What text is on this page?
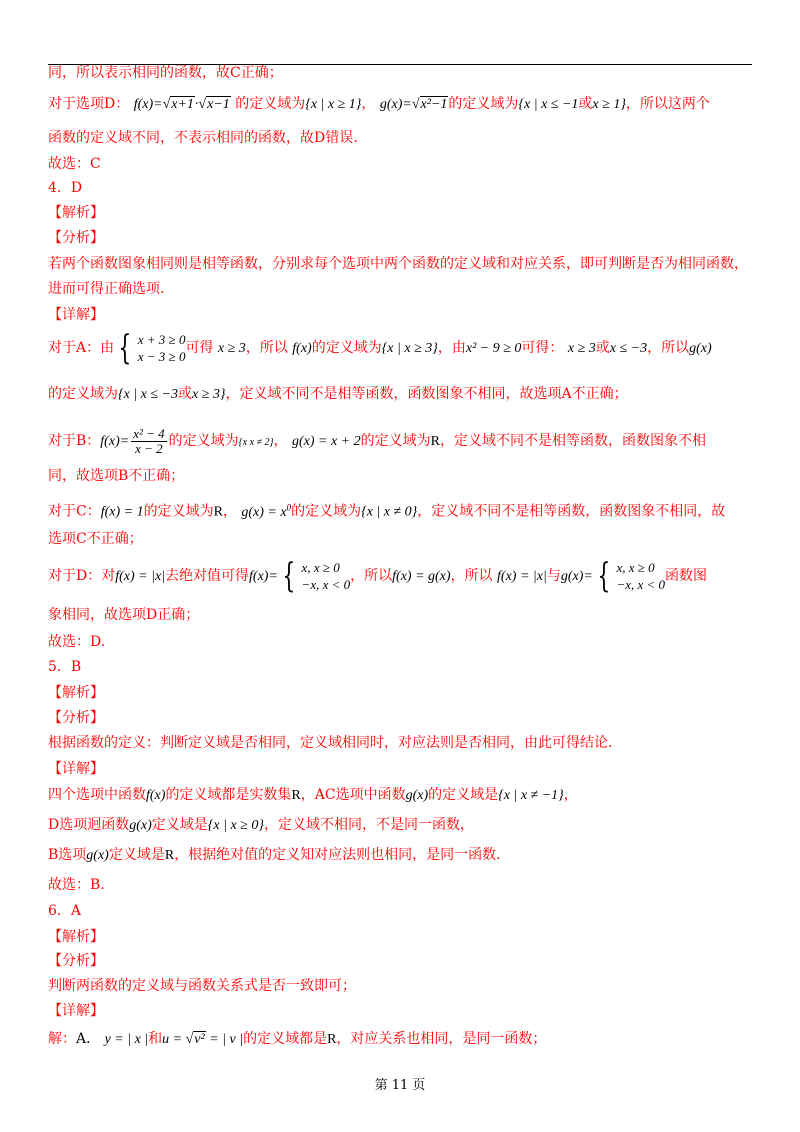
同，所以表示相同的函数，故C正确；
对于选项D： f(x)=√x+1·√x−1 的定义域为{x | x ≥ 1}， g(x)=√x²−1的定义域为{x | x ≤ −1或x ≥ 1}，所以这两个
函数的定义域不同，不表示相同的函数，故D错误.
故选：C
4．D
【解析】
【分析】
若两个函数图象相同则是相等函数，分别求每个选项中两个函数的定义域和对应关系，即可判断是否为相同函数，
进而可得正确选项.
【详解】
对于A：由 { x + 3 ≥ 0
x − 3 ≥ 0
可得 x ≥ 3，所以 f(x)的定义域为{x | x ≥ 3}，由x² − 9 ≥ 0可得： x ≥ 3或x ≤ −3，所以g(x)
的定义域为{x | x ≤ −3或x ≥ 3}，定义域不同不是相等函数，函数图象不相同，故选项A不正确；
对于B：$f(x)= \frac{\text{x² − 4}}{x - 2}$ 的定义域为{x x ≠ 2}， g(x) = x + 2的定义域为R，定义域不同不是相等函数，函数图象不相
同，故选项B不正确；
对于C：f(x) = 1的定义域为R， $g(x) = x^0$的定义域为{x | x ≠ 0}，定义域不同不是相等函数，函数图象不相同，故
选项C不正确；
对于D：对f(x) = |x|去绝对值可得f(x)= { x, x ≥ 0
−x, x < 0
，所以f(x) = g(x)，所以 f(x) = |x|与g(x)= { x, x ≥ 0
−x, x < 0
函数图
象相同，故选项D正确；
故选：D.
5．B
【解析】
【分析】
根据函数的定义：判断定义域是否相同，定义域相同时，对应法则是否相同，由此可得结论.
【详解】
四个选项中函数f(x)的定义域都是实数集R，AC选项中函数g(x)的定义域是{x | x ≠ −1}，
D选项迥函数g(x)定义域是{x | x ≥ 0}，定义域不相同，不是同一函数，
B选项g(x)定义域是R，根据绝对值的定义知对应法则也相同，是同一函数.
故选：B.
6．A
【解析】
【分析】
判断两函数的定义域与函数关系式是否一致即可；
【详解】
解：A． y = | x |和u = √v² = | v |的定义域都是R，对应关系也相同，是同一函数；
第 11 页
